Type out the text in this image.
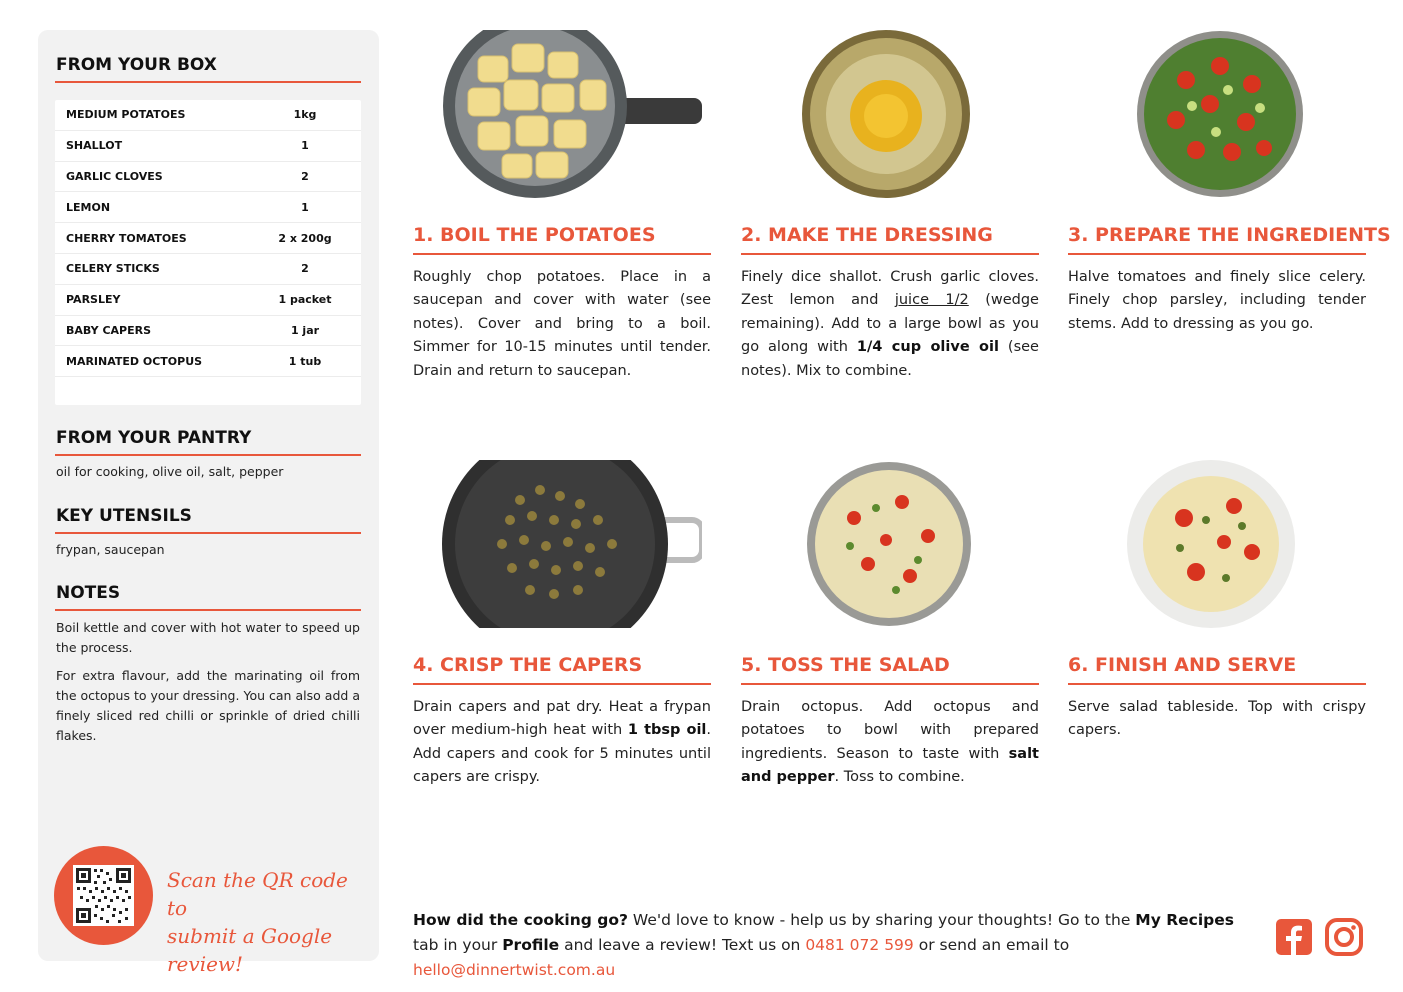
FROM YOUR BOX
MEDIUM POTATOES	1kg
SHALLOT	1
GARLIC CLOVES	2
LEMON	1
CHERRY TOMATOES	2 x 200g
CELERY STICKS	2
PARSLEY	1 packet
BABY CAPERS	1 jar
MARINATED OCTOPUS	1 tub
FROM YOUR PANTRY
oil for cooking, olive oil, salt, pepper
KEY UTENSILS
frypan, saucepan
NOTES
Boil kettle and cover with hot water to speed up the process.
For extra flavour, add the marinating oil from the octopus to your dressing. You can also add a finely sliced red chilli or sprinkle of dried chilli flakes.
Scan the QR code to
submit a Google review!
1. BOIL THE POTATOES	2. MAKE THE DRESSING	3. PREPARE THE INGREDIENTS
4. CRISP THE CAPERS	5. TOSS THE SALAD	6. FINISH AND SERVE
Roughly chop potatoes. Place in a saucepan and cover with water (see notes). Cover and bring to a boil. Simmer for 10-15 minutes until tender. Drain and return to saucepan.
Finely dice shallot. Crush garlic cloves. Zest lemon and juice 1/2 (wedge remaining). Add to a large bowl as you go along with 1/4 cup olive oil (see notes). Mix to combine.
Halve tomatoes and finely slice celery. Finely chop parsley, including tender stems. Add to dressing as you go.
Drain capers and pat dry. Heat a frypan over medium-high heat with 1 tbsp oil. Add capers and cook for 5 minutes until capers are crispy.
Drain octopus. Add octopus and potatoes to bowl with prepared ingredients. Season to taste with salt and pepper. Toss to combine.
Serve salad tableside. Top with crispy capers.
How did the cooking go? We'd love to know - help us by sharing your thoughts! Go to the My Recipes tab in your Profile and leave a review! Text us on 0481 072 599 or send an email to hello@dinnertwist.com.au
